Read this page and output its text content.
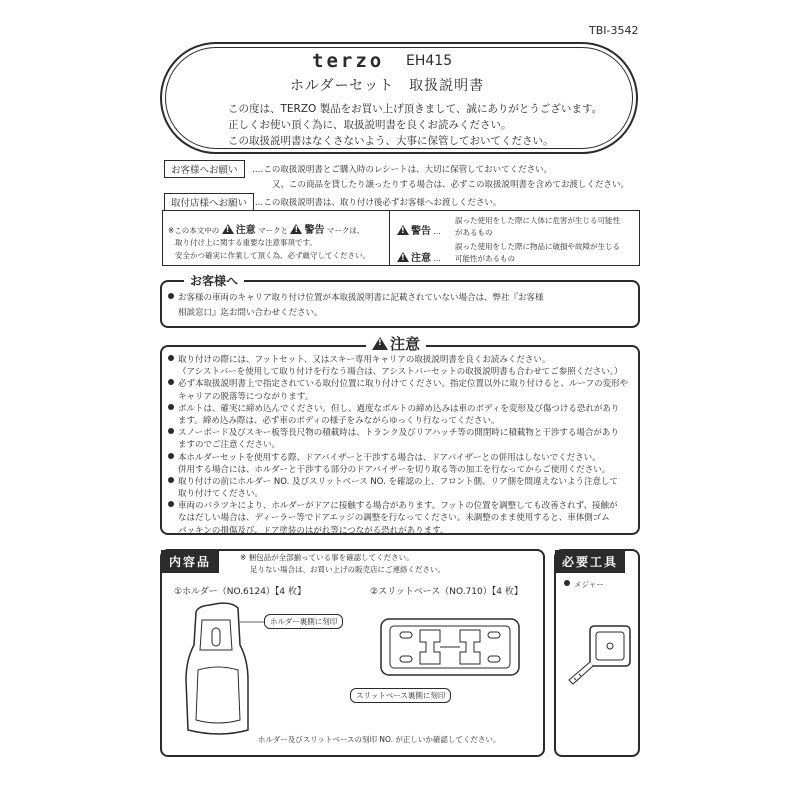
TBI-3542
terzo EH415
ホルダーセット　取扱説明書
この度は、TERZO 製品をお買い上げ頂きまして、誠にありがとうございます。
正しくお使い頂く為に、取扱説明書を良くお読みください。
この取扱説明書はなくさないよう、大事に保管しておいてください。
お客様へお願い	‥‥この取扱説明書とご購入時のレシートは、大切に保管しておいてください。
又、この商品を貸したり譲ったりする場合は、必ずこの取扱説明書を含めてお渡しください。
取付店様へお願い ‥‥この取扱説明書は、取り付け後必ずお客様へお渡しください。
※この本文中の ! 注意 マークと ! 警告 マークは、
取り付け上に関する重要な注意事項です。
安全かつ確実に作業して頂く為、必ず厳守してください。
!警告 …
誤った使用をした際に人体に危害が生じる可能性
があるもの
!注意 …
誤った使用をした際に物品に破損や故障が生じる
可能性があるもの
お客様へ
お客様の車両のキャリア取り付け位置が本取扱説明書に記載されていない場合は、弊社『お客様
相談窓口』迄お問い合わせください。
!注意
取り付けの際には、フットセット、又はスキー専用キャリアの取扱説明書を良くお読みください。
（アシストバーを使用して取り付けを行なう場合は、アシストバーセットの取扱説明書も合わせてご参照ください。）
必ず本取扱説明書上で指定されている取付位置に取り付けてください。指定位置以外に取り付けると、ルーフの変形や
キャリアの脱落等につながります。
ボルトは、確実に締め込んでください。但し、過度なボルトの締め込みは車のボディを変形及び傷つける恐れがあり
ます。締め込み際は、必ず車のボディの様子をみながらゆっくり行なってください。
スノーボード及びスキー板等長尺物の積載時は、トランク及びリアハッチ等の開閉時に積載物と干渉する場合があり
ますのでご注意ください。
本ホルダーセットを使用する際、ドアバイザーと干渉する場合は、ドアバイザーとの併用はしないでください。
併用する場合には、ホルダーと干渉する部分のドアバイザーを切り取る等の加工を行なってからご使用ください。
取り付けの前にホルダー NO. 及びスリットベース NO. を確認の上、フロント側、リア側を間違えないよう注意して
取り付けてください。
車両のバラツキにより、ホルダーがドアに接触する場合があります。フットの位置を調整しても改善されず、接触が
なはだしい場合は、ディーラー等でドアエッジの調整を行なってください。未調整のまま使用すると、車体側ゴム
パッキンの損傷及び、ドア塗装のはがれ等につながる恐れがあります。
内容品	※ 梱包品が全部揃っている事を確認してください。
足りない場合は、お買い上げの販売店にご連絡ください。
①ホルダー（NO.6124）【4 枚】	②スリットベース（NO.710）【4 枚】
ホルダー裏側に刻印
スリットベース裏側に刻印
ホルダー及びスリットベースの刻印 NO. が正しいか確認してください。
必要工具
メジャー
